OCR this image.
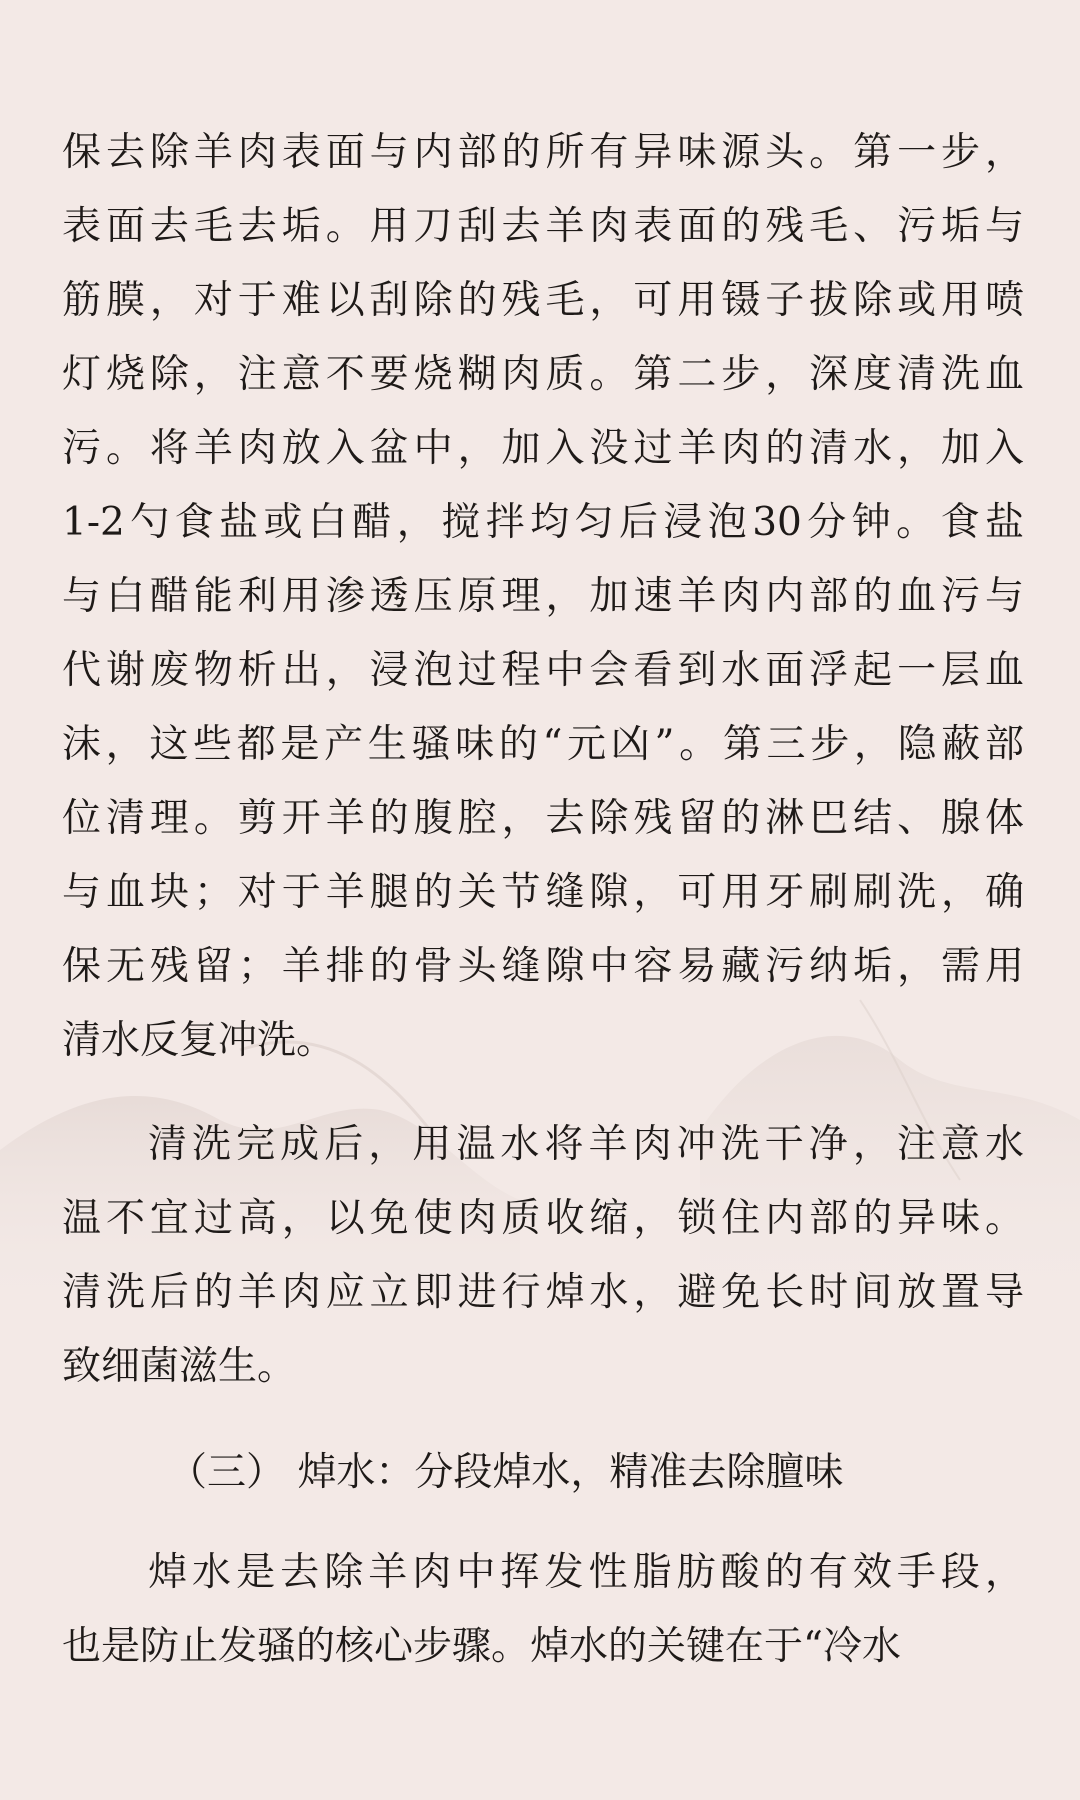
保去除羊肉表面与内部的所有异味源头。第一步，
表面去毛去垢。用刀刮去羊肉表面的残毛、污垢与
筋膜，对于难以刮除的残毛，可用镊子拔除或用喷
灯烧除，注意不要烧糊肉质。第二步，深度清洗血
污。将羊肉放入盆中，加入没过羊肉的清水，加入
1-2勺食盐或白醋，搅拌均匀后浸泡30分钟。食盐
与白醋能利用渗透压原理，加速羊肉内部的血污与
代谢废物析出，浸泡过程中会看到水面浮起一层血
沫，这些都是产生骚味的“元凶”。第三步，隐蔽部
位清理。剪开羊的腹腔，去除残留的淋巴结、腺体
与血块；对于羊腿的关节缝隙，可用牙刷刷洗，确
保无残留；羊排的骨头缝隙中容易藏污纳垢，需用
清水反复冲洗。
清洗完成后，用温水将羊肉冲洗干净，注意水
温不宜过高，以免使肉质收缩，锁住内部的异味。
清洗后的羊肉应立即进行焯水，避免长时间放置导
致细菌滋生。
（三） 焯水：分段焯水，精准去除膻味
焯水是去除羊肉中挥发性脂肪酸的有效手段，
也是防止发骚的核心步骤。焯水的关键在于“冷水
